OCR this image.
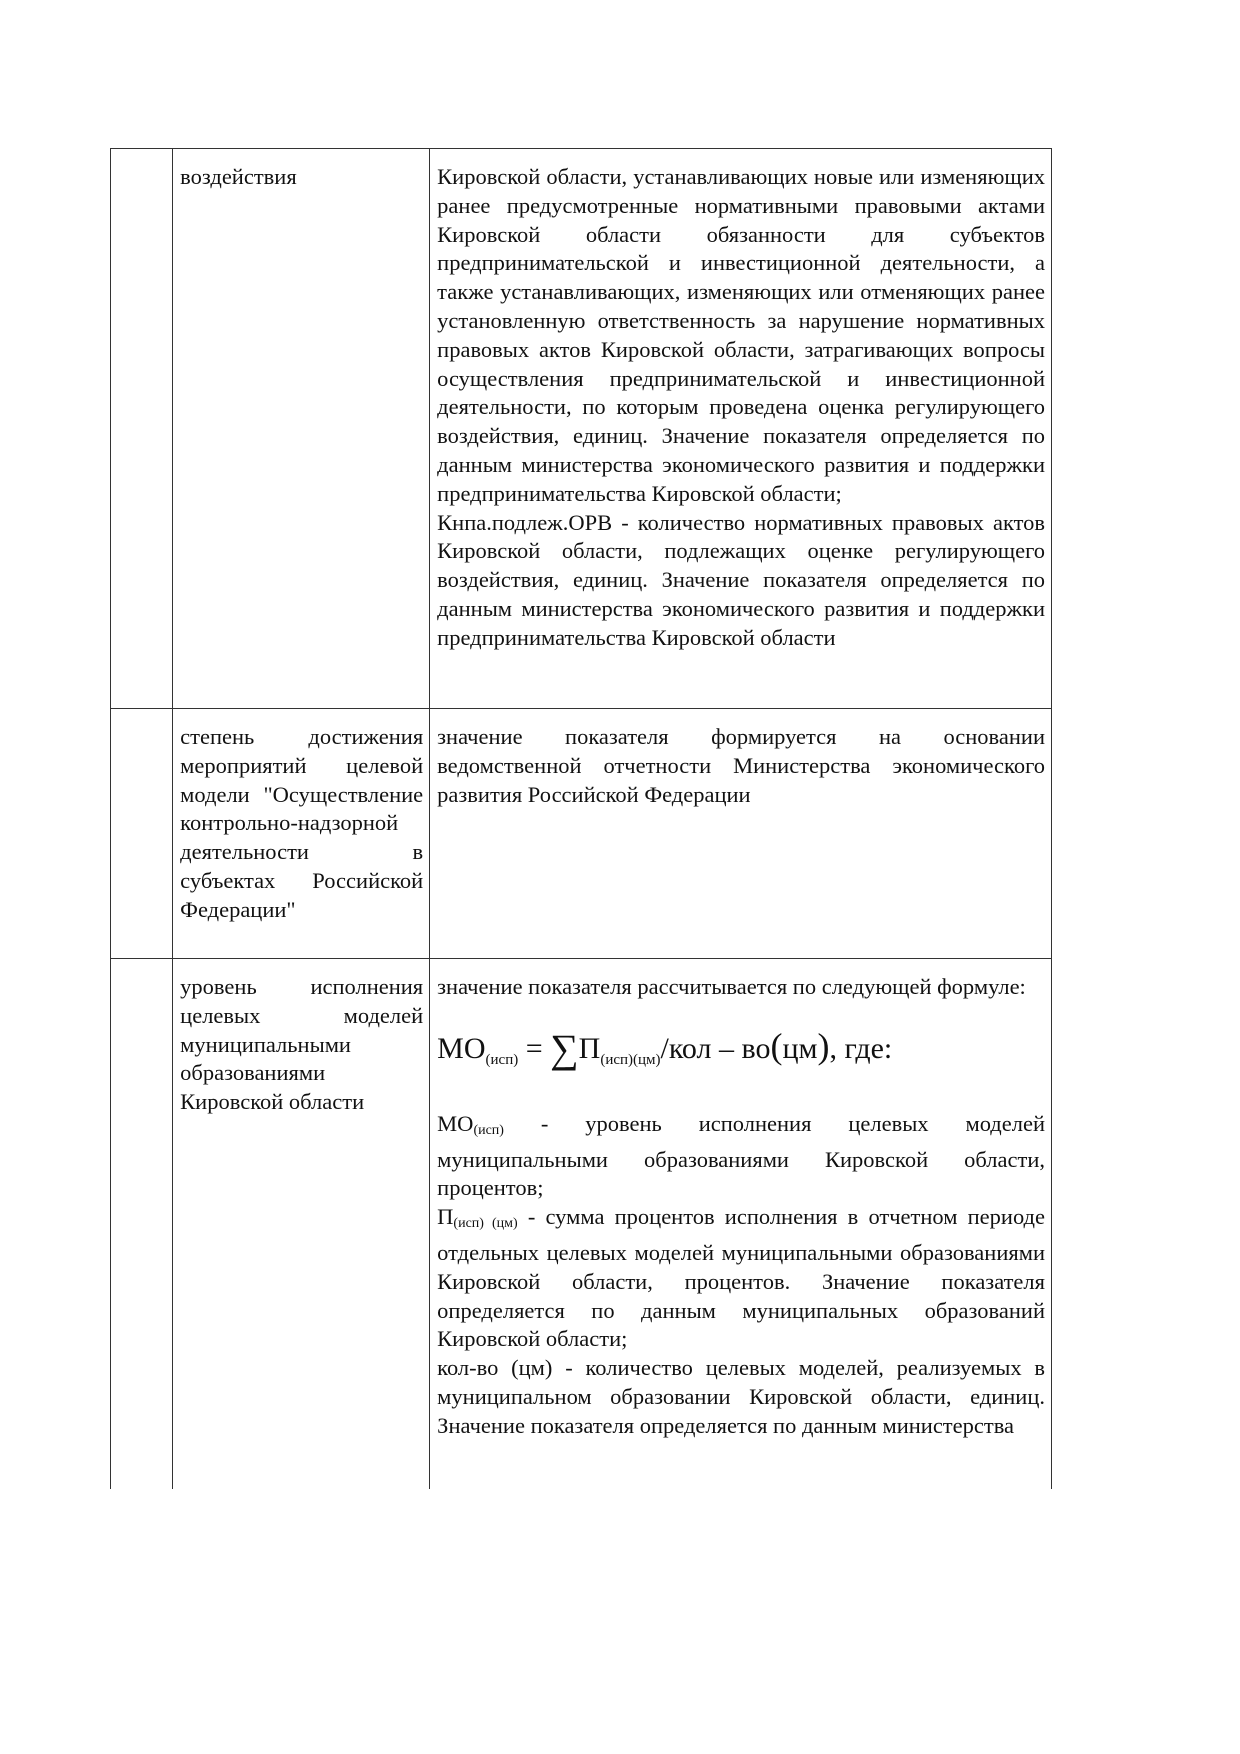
	воздействия	Кировской области, устанавливающих новые или изменяющих ранее предусмотренные нормативными правовыми актами Кировской области обязанности для субъектов предпринимательской и инвестиционной деятельности, а также устанавливающих, изменяющих или отменяющих ранее установленную ответственность за нарушение нормативных правовых актов Кировской области, затрагивающих вопросы осуществления предпринимательской и инвестиционной деятельности, по которым проведена оценка регулирующего воздействия, единиц. Значение показателя определяется по данным министерства экономического развития и поддержки предпринимательства Кировской области;

Кнпа.подлеж.ОРВ - количество нормативных правовых актов Кировской области, подлежащих оценке регулирующего воздействия, единиц. Значение показателя определяется по данным министерства экономического развития и поддержки предпринимательства Кировской области

	степень достижения мероприятий целевой модели "Осуществление контрольно-надзорной деятельности в субъектах Российской Федерации"	значение показателя формируется на основании ведомственной отчетности Министерства экономического развития Российской Федерации

	уровень исполнения целевых моделей муниципальными образованиями Кировской области	значение показателя рассчитывается по следующей формуле:

$МО_{(исп)} = \sum П_{(исп)(цм)}/кол - во(цм)$, где:

МО(исп) - уровень исполнения целевых моделей муниципальными образованиями Кировской области, процентов;

П(исп) (цм) - сумма процентов исполнения в отчетном периоде отдельных целевых моделей муниципальными образованиями Кировской области, процентов. Значение показателя определяется по данным муниципальных образований Кировской области;

кол-во (цм) - количество целевых моделей, реализуемых в муниципальном образовании Кировской области, единиц. Значение показателя определяется по данным министерства
